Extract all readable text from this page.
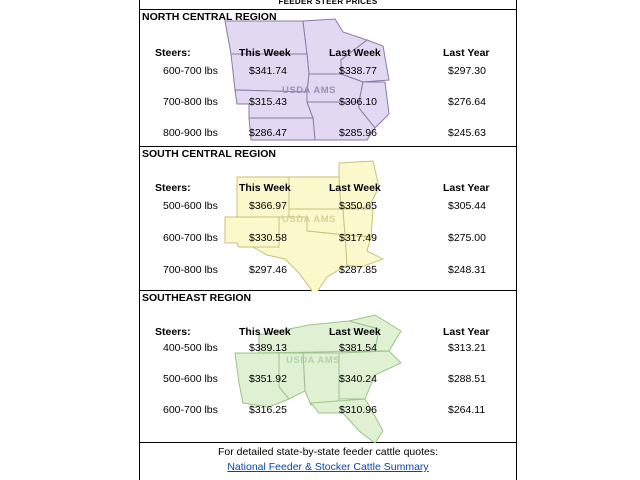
FEEDER STEER PRICES
USDA AMS
NORTH CENTRAL REGION
Steers:	This Week	Last Week	Last Year
600-700 lbs	$341.74	$338.77	$297.30
700-800 lbs	$315.43	$306.10	$276.64
800-900 lbs	$286.47	$285.96	$245.63
USDA AMS
SOUTH CENTRAL REGION
Steers:	This Week	Last Week	Last Year
500-600 lbs	$366.97	$350.65	$305.44
600-700 lbs	$330.58	$317.49	$275.00
700-800 lbs	$297.46	$287.85	$248.31
USDA AMS
SOUTHEAST REGION
Steers:	This Week	Last Week	Last Year
400-500 lbs	$389.13	$381.54	$313.21
500-600 lbs	$351.92	$340.24	$288.51
600-700 lbs	$316.25	$310.96	$264.11
For detailed state-by-state feeder cattle quotes:
National Feeder & Stocker Cattle Summary
